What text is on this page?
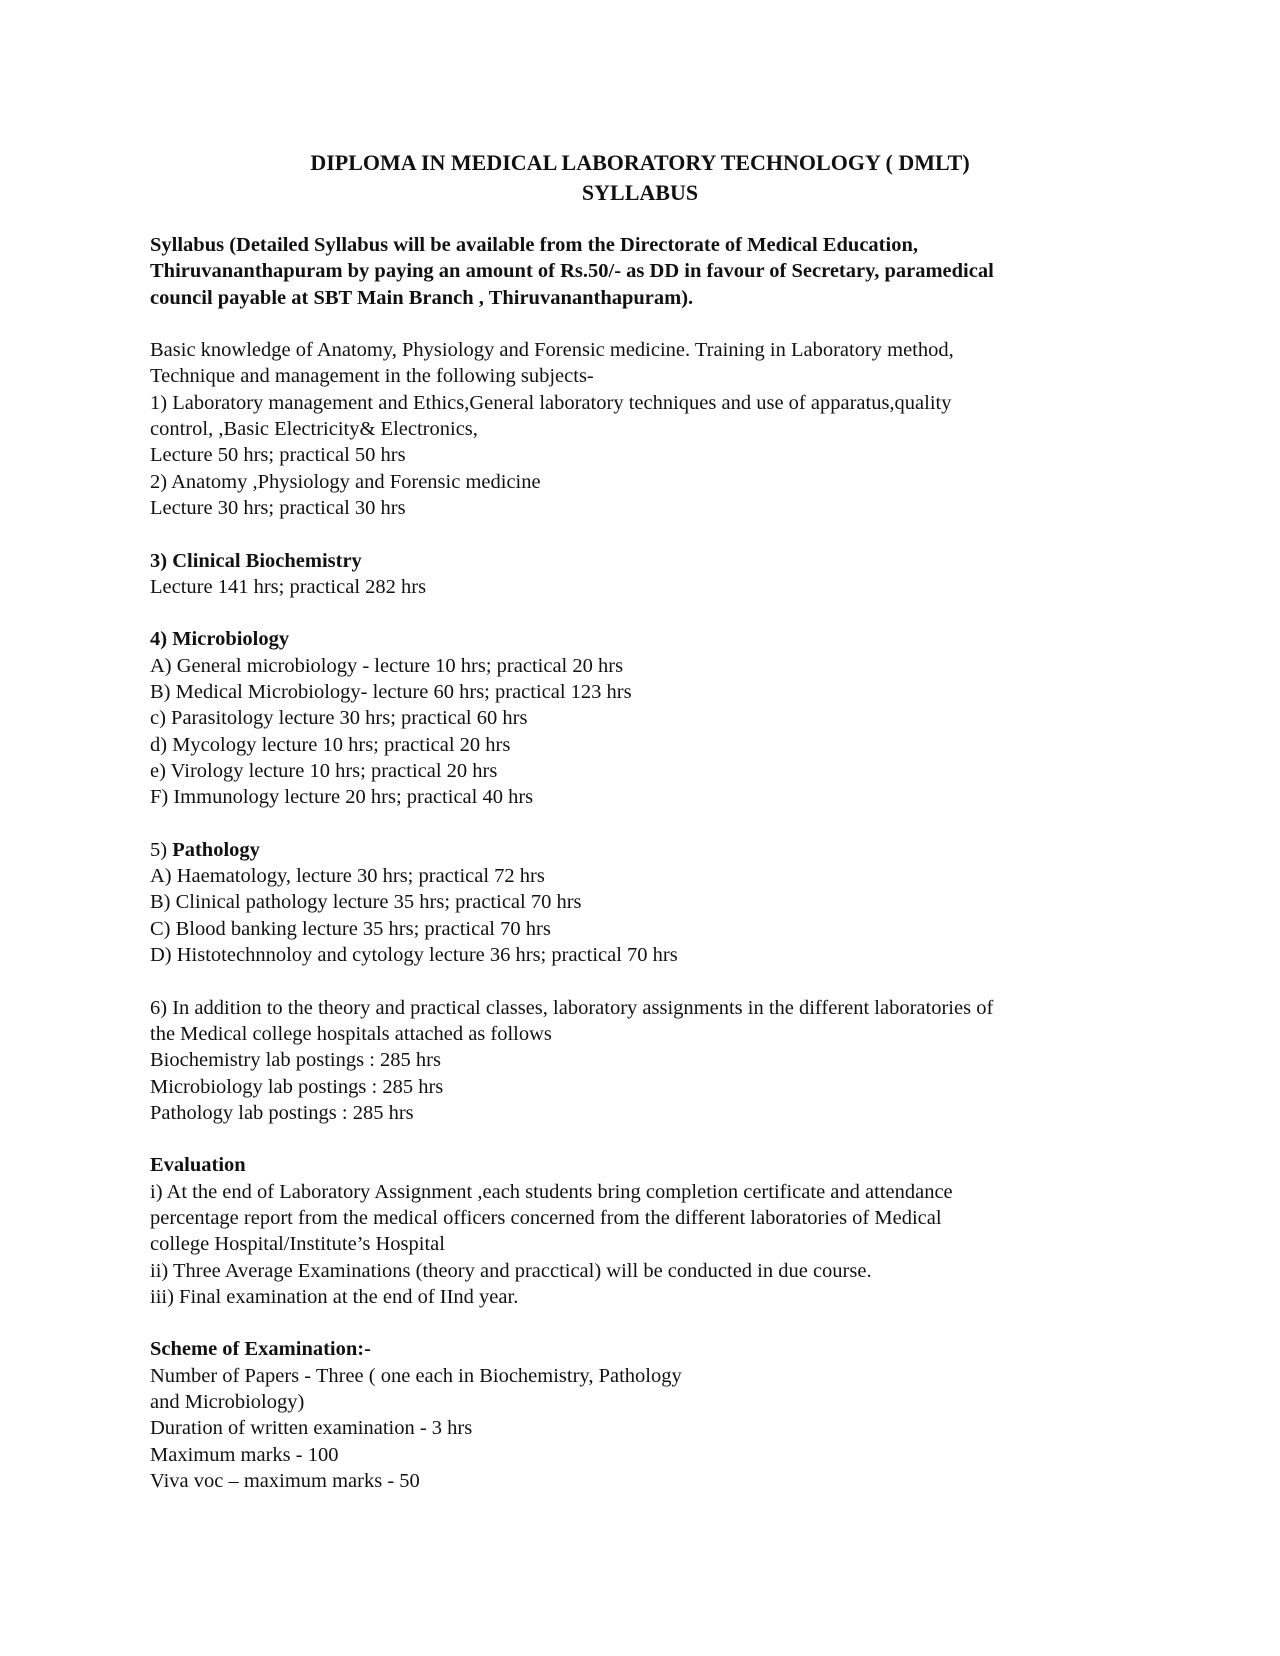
DIPLOMA IN MEDICAL LABORATORY TECHNOLOGY ( DMLT)
SYLLABUS
Syllabus (Detailed Syllabus will be available from the Directorate of Medical Education,
Thiruvananthapuram by paying an amount of Rs.50/- as DD in favour of Secretary, paramedical
council payable at SBT Main Branch , Thiruvananthapuram).
Basic knowledge of Anatomy, Physiology and Forensic medicine. Training in Laboratory method,
Technique and management in the following subjects-
1) Laboratory management and Ethics,General laboratory techniques and use of apparatus,quality
control, ,Basic Electricity& Electronics,
Lecture 50 hrs; practical 50 hrs
2) Anatomy ,Physiology and Forensic medicine
Lecture 30 hrs; practical 30 hrs
3) Clinical Biochemistry
Lecture 141 hrs; practical 282 hrs
4) Microbiology
A) General microbiology - lecture 10 hrs; practical 20 hrs
B) Medical Microbiology- lecture 60 hrs; practical 123 hrs
c) Parasitology lecture 30 hrs; practical 60 hrs
d) Mycology lecture 10 hrs; practical 20 hrs
e) Virology lecture 10 hrs; practical 20 hrs
F) Immunology lecture 20 hrs; practical 40 hrs
5) Pathology
A) Haematology, lecture 30 hrs; practical 72 hrs
B) Clinical pathology lecture 35 hrs; practical 70 hrs
C) Blood banking lecture 35 hrs; practical 70 hrs
D) Histotechnnoloy and cytology lecture 36 hrs; practical 70 hrs
6) In addition to the theory and practical classes, laboratory assignments in the different laboratories of
the Medical college hospitals attached as follows
Biochemistry lab postings : 285 hrs
Microbiology lab postings : 285 hrs
Pathology lab postings : 285 hrs
Evaluation
i) At the end of Laboratory Assignment ,each students bring completion certificate and attendance
percentage report from the medical officers concerned from the different laboratories of Medical
college Hospital/Institute’s Hospital
ii) Three Average Examinations (theory and pracctical) will be conducted in due course.
iii) Final examination at the end of IInd year.
Scheme of Examination:-
Number of Papers - Three ( one each in Biochemistry, Pathology
and Microbiology)
Duration of written examination - 3 hrs
Maximum marks - 100
Viva voc – maximum marks - 50
